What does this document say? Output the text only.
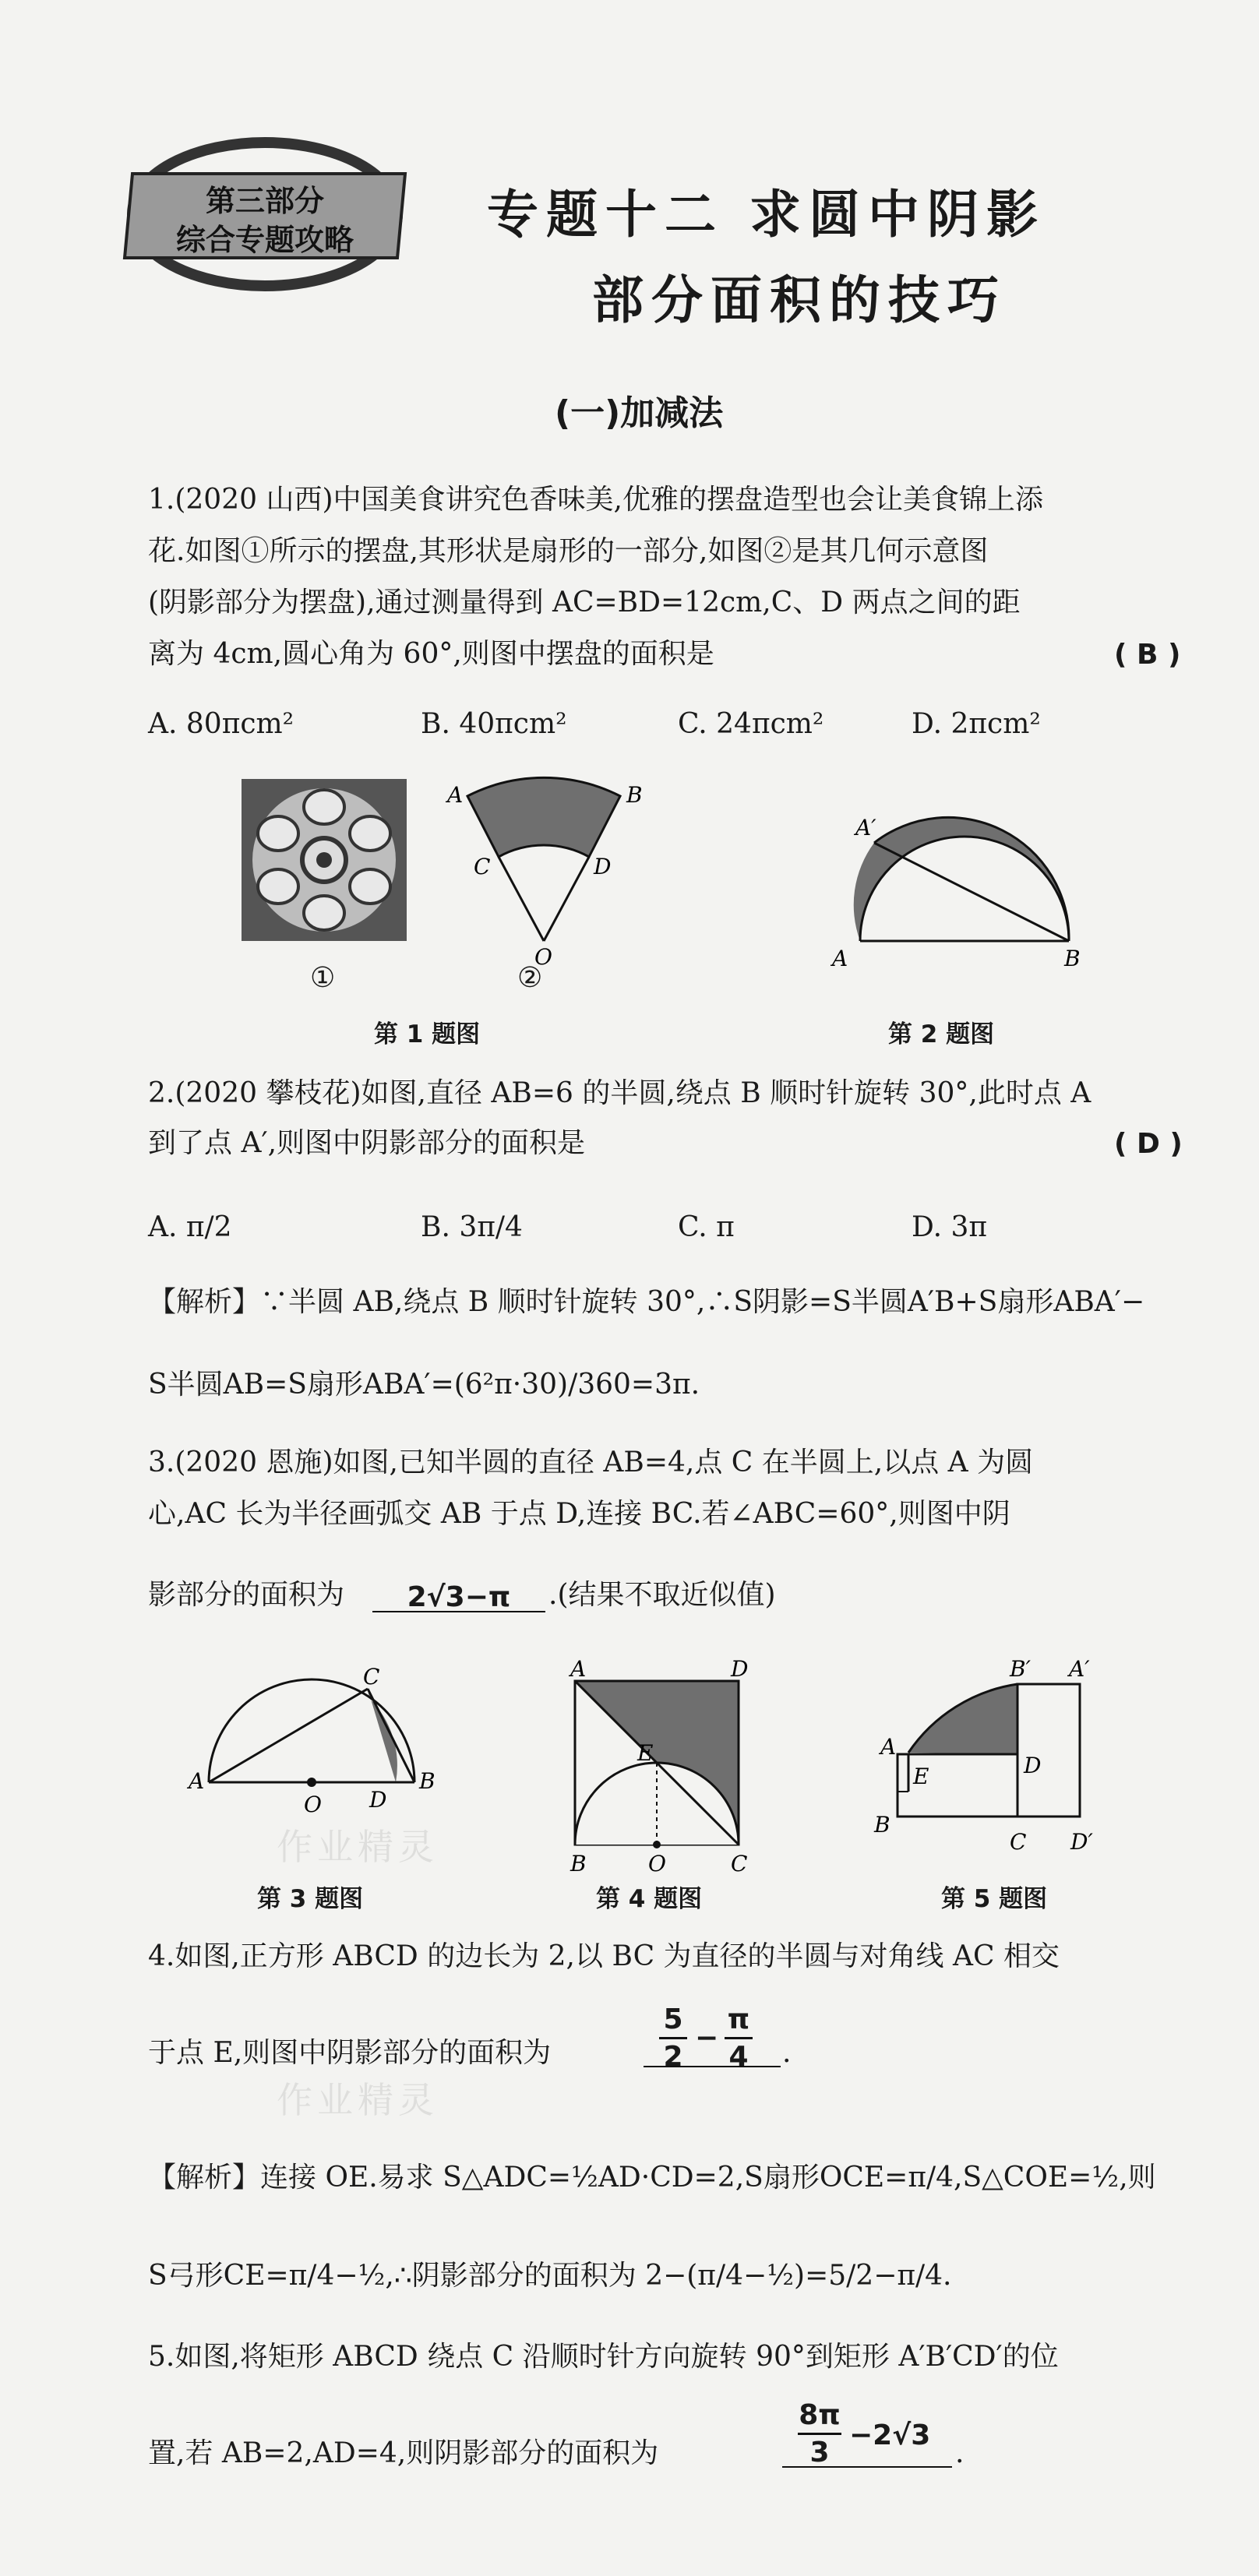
第三部分
综合专题攻略	专题十二 求圆中阴影
部分面积的技巧
(一)加减法
1.(2020 山西)中国美食讲究色香味美,优雅的摆盘造型也会让美食锦上添
花.如图①所示的摆盘,其形状是扇形的一部分,如图②是其几何示意图
(阴影部分为摆盘),通过测量得到 AC=BD=12cm,C、D 两点之间的距
离为 4cm,圆心角为 60°,则图中摆盘的面积是	( B )
A. 80πcm²	B. 40πcm²	C. 24πcm²	D. 2πcm²
①
A	B
C	D
O
②
第 1 题图
A′
A	B
第 2 题图
2.(2020 攀枝花)如图,直径 AB=6 的半圆,绕点 B 顺时针旋转 30°,此时点 A
到了点 A′,则图中阴影部分的面积是	( D )
A. π/2	B. 3π/4	C. π	D. 3π
【解析】∵半圆 AB,绕点 B 顺时针旋转 30°,∴S阴影=S半圆A′B+S扇形ABA′−
S半圆AB=S扇形ABA′=(6²π·30)/360=3π.
3.(2020 恩施)如图,已知半圆的直径 AB=4,点 C 在半圆上,以点 A 为圆
心,AC 长为半径画弧交 AB 于点 D,连接 BC.若∠ABC=60°,则图中阴
影部分的面积为	2√3−π	.(结果不取近似值)
A
C
O D
B
第 3 题图
作业精灵
A	D
E
B	O	C
第 4 题图
A
E
B
B′ A′
D
C D′
第 5 题图
4.如图,正方形 ABCD 的边长为 2,以 BC 为直径的半圆与对角线 AC 相交
于点 E,则图中阴影部分的面积为
5
2
−
π
4 .
作业精灵
【解析】连接 OE.易求 S△ADC=½AD·CD=2,S扇形OCE=π/4,S△COE=½,则
S弓形CE=π/4−½,∴阴影部分的面积为 2−(π/4−½)=5/2−π/4.
5.如图,将矩形 ABCD 绕点 C 沿顺时针方向旋转 90°到矩形 A′B′CD′的位
置,若 AB=2,AD=4,则阴影部分的面积为
8π
3
−2√3
.
